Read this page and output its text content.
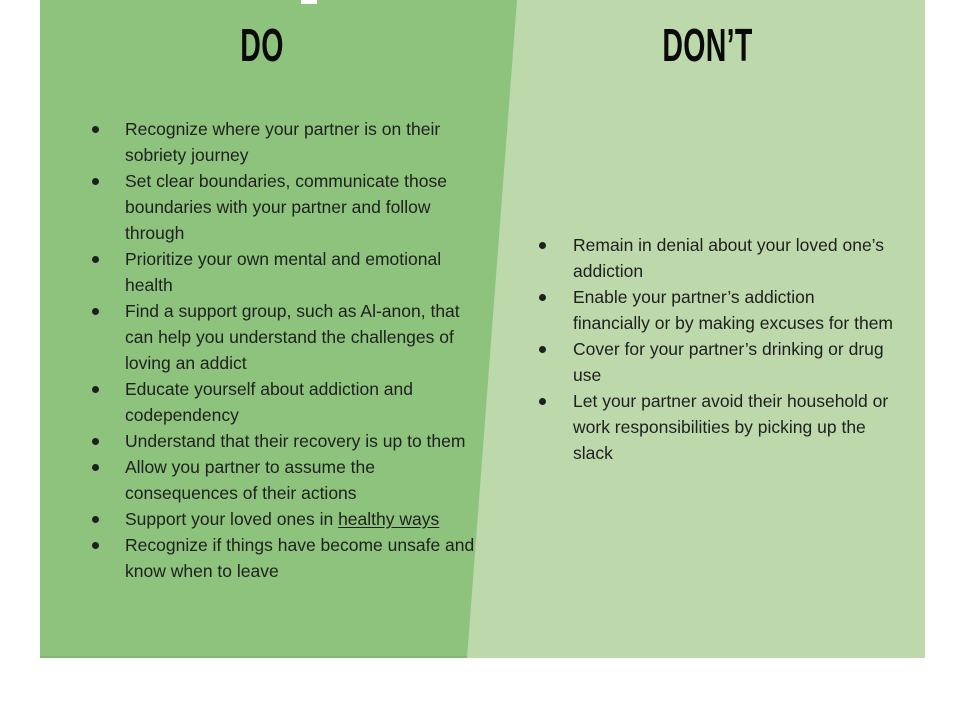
DO	DON’T
Recognize where your partner is on their sobriety journey
Set clear boundaries, communicate those boundaries with your partner and follow through
Prioritize your own mental and emotional health
Find a support group, such as Al-anon, that can help you understand the challenges of loving an addict
Educate yourself about addiction and codependency
Understand that their recovery is up to them
Allow you partner to assume the consequences of their actions
Support your loved ones in healthy ways
Recognize if things have become unsafe and know when to leave
Remain in denial about your loved one’s addiction
Enable your partner’s addiction financially or by making excuses for them
Cover for your partner’s drinking or drug use
Let your partner avoid their household or work responsibilities by picking up the slack
